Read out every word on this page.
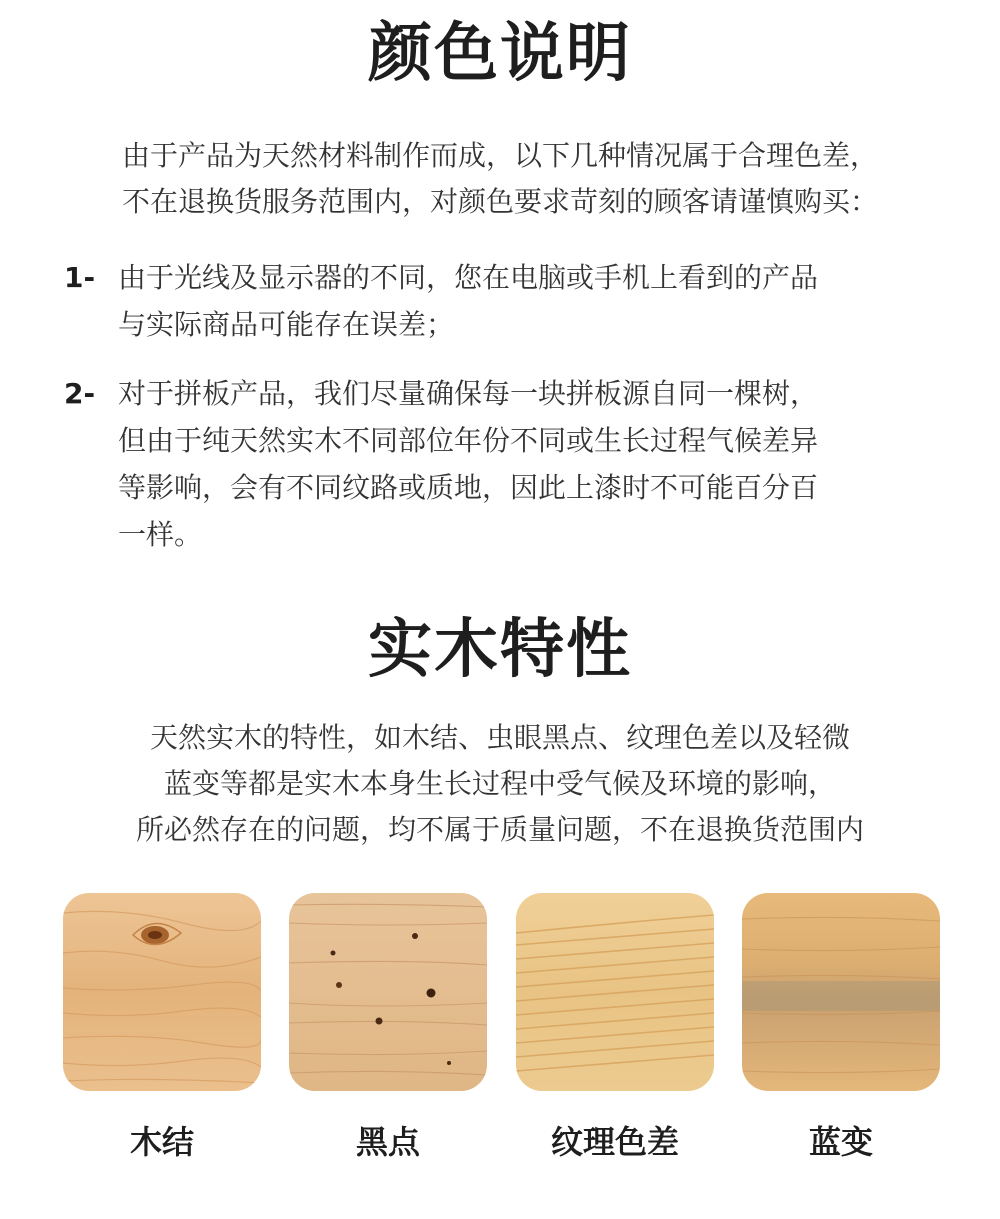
颜色说明
由于产品为天然材料制作而成，以下几种情况属于合理色差，
不在退换货服务范围内，对颜色要求苛刻的顾客请谨慎购买：
1- 由于光线及显示器的不同，您在电脑或手机上看到的产品
与实际商品可能存在误差；
2- 对于拼板产品，我们尽量确保每一块拼板源自同一棵树，
但由于纯天然实木不同部位年份不同或生长过程气候差异
等影响，会有不同纹路或质地，因此上漆时不可能百分百
一样。
实木特性
天然实木的特性，如木结、虫眼黑点、纹理色差以及轻微
蓝变等都是实木本身生长过程中受气候及环境的影响，
所必然存在的问题，均不属于质量问题，不在退换货范围内
木结	黑点	纹理色差	蓝变
